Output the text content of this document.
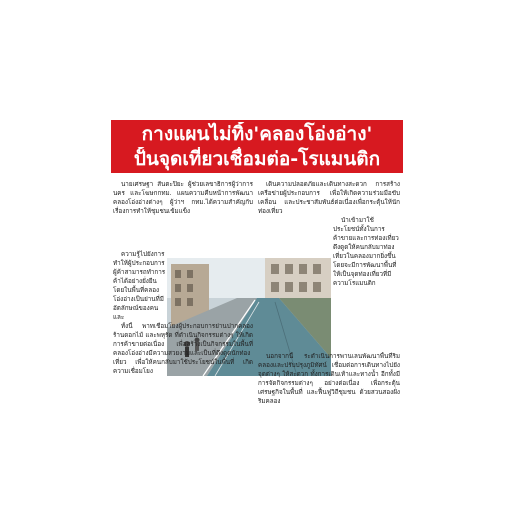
กางแผนไม่ทิ้ง'คลองโอ่งอ่าง'
ปั้นจุดเที่ยวเชื่อมต่อ-โรแมนติก

นายเศรษฐา สันตะปิยะ ผู้ช่วยเลขาธิการผู้ว่าการนคร และโฆษกกทม. แผนความคืบหน้าการพัฒนาคลองโอ่งอ่างต่างๆ ผู้ว่าฯ กทม.ได้ความสำคัญกับเรื่องการทำให้ชุมชนเข้มแข็ง

ความรู้ไปยังการทำให้ผู้ประกอบการ ผู้ค้าสามารถทำการค้าได้อย่างยั่งยืน โดยในพื้นที่คลองโอ่งอ่างเป็นย่านที่มีอัตลักษณ์ของคนและ

ทั้งนี้ พาทเชื่อมโยงผู้ประกอบการย่านปากคลอง ร้านดอกไม้ และพหุรัด ที่ดำเนินกิจกรรมต่างๆ ให้เกิดการค้าขายต่อเนื่อง เพื่อสร้างเป็นกิจกรรมในพื้นที่ คลองโอ่งอ่างมีความสวยงามและเป็นที่ดึงดูดนักท่องเที่ยว เพื่อให้คนกลับมาใช้ประโยชน์ในพื้นที่ เกิดความเชื่อมโยง

เดินความปลอดภัยและเดินทางสะดวก การสร้างเครือข่ายผู้ประกอบการ เพื่อให้เกิดความร่วมมือขับเคลื่อน และประชาสัมพันธ์ต่อเนื่องเพื่อกระตุ้นให้นักท่องเที่ยว

นำเข้ามาใช้ประโยชน์ทั้งในการค้าขายและการท่องเที่ยว ดึงดูดให้คนกลับมาท่องเที่ยวในคลองมากยิ่งขึ้น โดยจะมีการพัฒนาพื้นที่ให้เป็นจุดท่องเที่ยวที่มีความโรแมนติก

นอกจากนี้ ระดำเนินการพานเลนพัฒนาพื้นที่ริมคลองและปรับปรุงภูมิทัศน์ เชื่อมต่อการเดินทางไปยังจุดต่างๆ ให้สะดวก ทั้งการเดินเท้าและทางน้ำ อีกทั้งมีการจัดกิจกรรมต่างๆ อย่างต่อเนื่อง เพื่อกระตุ้นเศรษฐกิจในพื้นที่ และฟื้นฟูวิถีชุมชน ด้วยสวนสองฝั่งริมคลอง
